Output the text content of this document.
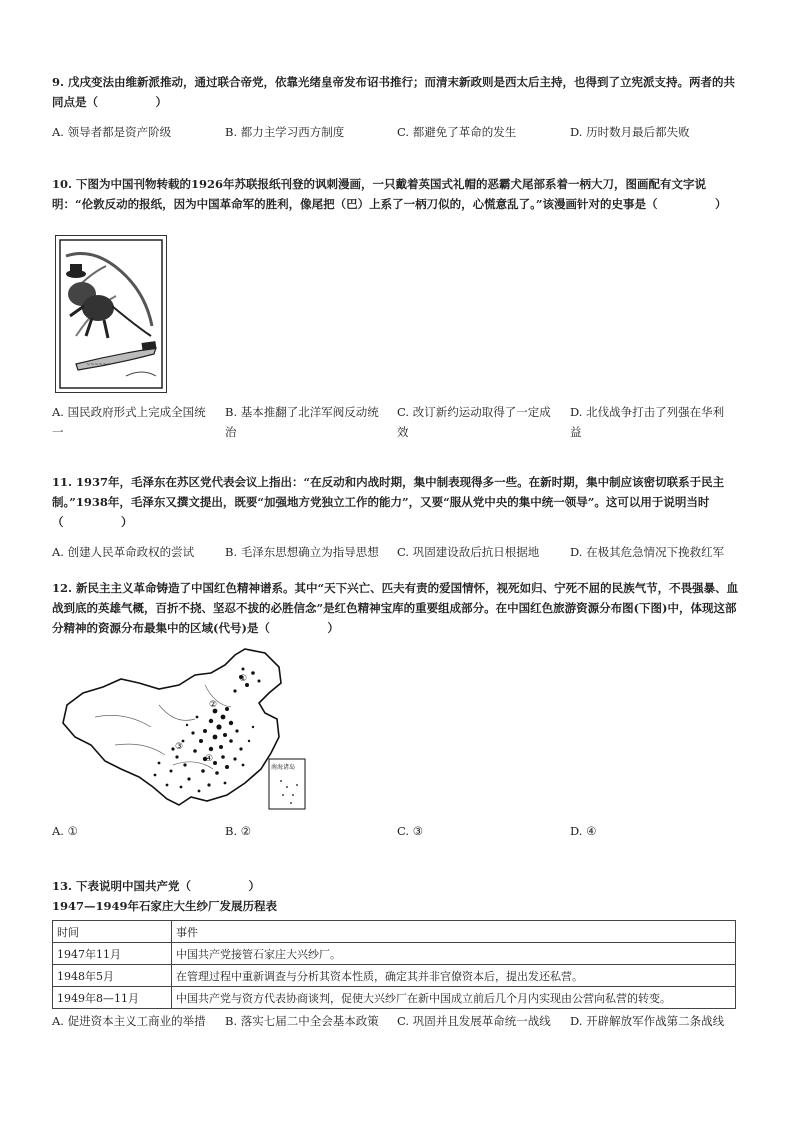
9. 戊戌变法由维新派推动，通过联合帝党，依靠光绪皇帝发布诏书推行；而清末新政则是西太后主持，也得到了立宪派支持。两者的共同点是（　　　　　）

A. 领导者都是资产阶级	B. 都力主学习西方制度	C. 都避免了革命的发生	D. 历时数月最后都失败

10. 下图为中国刊物转载的1926年苏联报纸刊登的讽刺漫画，一只戴着英国式礼帽的恶霸犬尾部系着一柄大刀，图画配有文字说明：“伦敦反动的报纸，因为中国革命军的胜利，像尾把（巴）上系了一柄刀似的，心慌意乱了。”该漫画针对的史事是（　　　　　）

~~~~~~
A. 国民政府形式上完成全国统一
B. 基本推翻了北洋军阀反动统治
C. 改订新约运动取得了一定成效
D. 北伐战争打击了列强在华利益

11. 1937年，毛泽东在苏区党代表会议上指出：“在反动和内战时期，集中制表现得多一些。在新时期，集中制应该密切联系于民主制。”1938年，毛泽东又撰文提出，既要“加强地方党独立工作的能力”，又要“服从党中央的集中统一领导”。这可以用于说明当时（　　　　　）

A. 创建人民革命政权的尝试	B. 毛泽东思想确立为指导思想 C. 巩固建设敌后抗日根据地	D. 在极其危急情况下挽救红军

12. 新民主主义革命铸造了中国红色精神谱系。其中“天下兴亡、匹夫有责的爱国情怀，视死如归、宁死不屈的民族气节，不畏强暴、血战到底的英雄气概，百折不挠、坚忍不拔的必胜信念”是红色精神宝库的重要组成部分。在中国红色旅游资源分布图(下图)中，体现这部分精神的资源分布最集中的区域(代号)是（　　　　　）

①
②
③
④
南海诸岛
A. ①	B. ②	C. ③	D. ④

13. 下表说明中国共产党（　　　　　）

1947—1949年石家庄大生纱厂发展历程表

时间	事件
1947年11月	中国共产党接管石家庄大兴纱厂。
1948年5月	在管理过程中重新调查与分析其资本性质，确定其并非官僚资本后，提出发还私营。
1949年8—11月	中国共产党与资方代表协商谈判，促使大兴纱厂在新中国成立前后几个月内实现由公营向私营的转变。
A. 促进资本主义工商业的举措 B. 落实七届二中全会基本政策 C. 巩固并且发展革命统一战线 D. 开辟解放军作战第二条战线
